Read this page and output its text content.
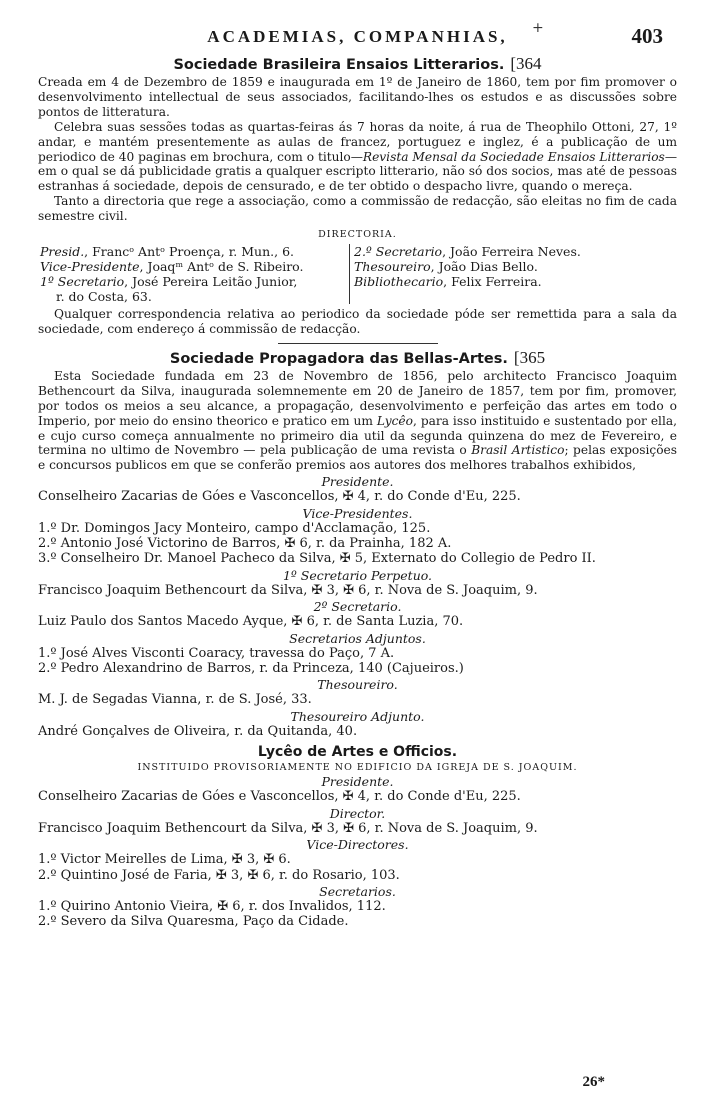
+
ACADEMIAS, COMPANHIAS,	403
Sociedade Brasileira Ensaios Litterarios. [364

Creada em 4 de Dezembro de 1859 e inaugurada em 1º de Janeiro de 1860, tem por fim promover o desenvolvimento intellectual de seus associados, facilitando-lhes os estudos e as discussões sobre pontos de litteratura.

Celebra suas sessões todas as quartas-feiras ás 7 horas da noite, á rua de Theophilo Ottoni, 27, 1º andar, e mantém presentemente as aulas de francez, portuguez e inglez, é a publicação de um periodico de 40 paginas em brochura, com o titulo—Revista Mensal da Sociedade Ensaios Litterarios—em o qual se dá publicidade gratis a qualquer escripto litterario, não só dos socios, mas até de pessoas estranhas á sociedade, depois de censurado, e de ter obtido o despacho livre, quando o mereça.

Tanto a directoria que rege a associação, como a commissão de redacção, são eleitas no fim de cada semestre civil.

DIRECTORIA.
Presid., Francᵒ Antᵒ Proença, r. Mun., 6.
Vice-Presidente, Joaqᵐ Antᵒ de S. Ribeiro.
1º Secretario, José Pereira Leitão Junior,
r. do Costa, 63.
2.º Secretario, João Ferreira Neves.
Thesoureiro, João Dias Bello.
Bibliothecario, Felix Ferreira.

Qualquer correspondencia relativa ao periodico da sociedade póde ser remettida para a sala da sociedade, com endereço á commissão de redacção.

Sociedade Propagadora das Bellas-Artes. [365

Esta Sociedade fundada em 23 de Novembro de 1856, pelo architecto Francisco Joaquim Bethencourt da Silva, inaugurada solemnemente em 20 de Janeiro de 1857, tem por fim, promover, por todos os meios a seu alcance, a propagação, desenvolvimento e perfeição das artes em todo o Imperio, por meio do ensino theorico e pratico em um Lycêo, para isso instituido e sustentado por ella, e cujo curso começa annualmente no primeiro dia util da segunda quinzena do mez de Fevereiro, e termina no ultimo de Novembro — pela publicação de uma revista o Brasil Artistico; pelas exposições e concursos publicos em que se conferão premios aos autores dos melhores trabalhos exhibidos,

Presidente.

Conselheiro Zacarias de Góes e Vasconcellos, ✠ 4, r. do Conde d'Eu, 225.

Vice-Presidentes.

1.º Dr. Domingos Jacy Monteiro, campo d'Acclamação, 125.

2.º Antonio José Victorino de Barros, ✠ 6, r. da Prainha, 182 A.

3.º Conselheiro Dr. Manoel Pacheco da Silva, ✠ 5, Externato do Collegio de Pedro II.

1º Secretario Perpetuo.

Francisco Joaquim Bethencourt da Silva, ✠ 3, ✠ 6, r. Nova de S. Joaquim, 9.

2º Secretario.

Luiz Paulo dos Santos Macedo Ayque, ✠ 6, r. de Santa Luzia, 70.

Secretarios Adjuntos.

1.º José Alves Visconti Coaracy, travessa do Paço, 7 A.

2.º Pedro Alexandrino de Barros, r. da Princeza, 140 (Cajueiros.)

Thesoureiro.

M. J. de Segadas Vianna, r. de S. José, 33.

Thesoureiro Adjunto.

André Gonçalves de Oliveira, r. da Quitanda, 40.

Lycêo de Artes e Officios.
INSTITUIDO PROVISORIAMENTE NO EDIFICIO DA IGREJA DE S. JOAQUIM.
Presidente.

Conselheiro Zacarias de Góes e Vasconcellos, ✠ 4, r. do Conde d'Eu, 225.

Director.

Francisco Joaquim Bethencourt da Silva, ✠ 3, ✠ 6, r. Nova de S. Joaquim, 9.

Vice-Directores.

1.º Victor Meirelles de Lima, ✠ 3, ✠ 6.

2.º Quintino José de Faria, ✠ 3, ✠ 6, r. do Rosario, 103.

Secretarios.

1.º Quirino Antonio Vieira, ✠ 6, r. dos Invalidos, 112.

2.º Severo da Silva Quaresma, Paço da Cidade.

26*
